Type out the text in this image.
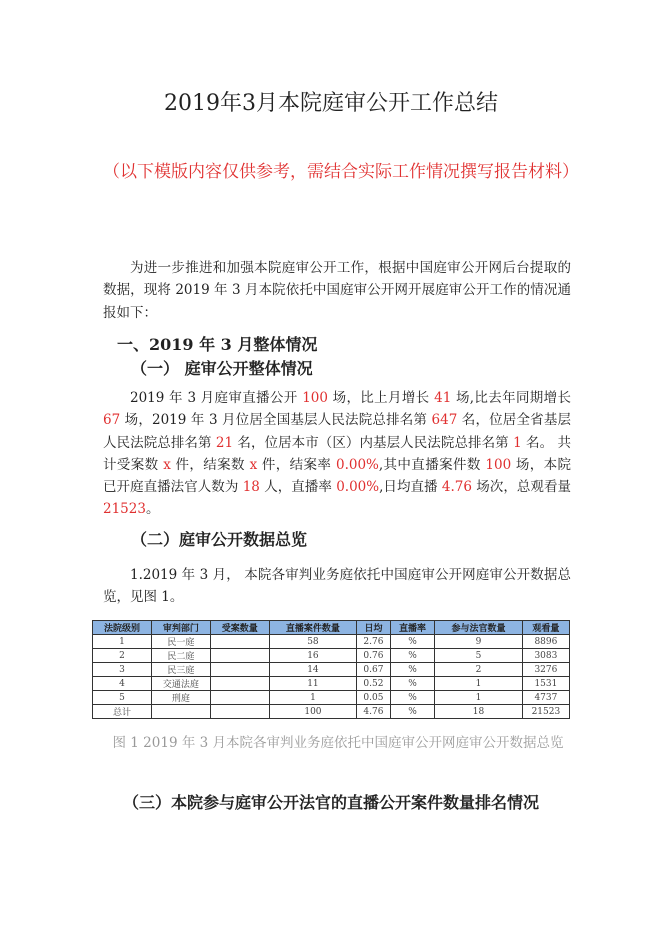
2019年3月本院庭审公开工作总结
（以下模版内容仅供参考，需结合实际工作情况撰写报告材料）
为进一步推进和加强本院庭审公开工作，根据中国庭审公开网后台提取的数据，现将 2019 年 3 月本院依托中国庭审公开网开展庭审公开工作的情况通报如下：
一、2019 年 3 月整体情况
（一） 庭审公开整体情况
2019 年 3 月庭审直播公开 100 场，比上月增长 41 场,比去年同期增长 67 场，2019 年 3 月位居全国基层人民法院总排名第 647 名，位居全省基层人民法院总排名第 21 名，位居本市（区）内基层人民法院总排名第 1 名。 共计受案数 x 件，结案数 x 件，结案率 0.00%,其中直播案件数 100 场，本院已开庭直播法官人数为 18 人，直播率 0.00%,日均直播 4.76 场次，总观看量 21523。
（二）庭审公开数据总览
1.2019 年 3 月， 本院各审判业务庭依托中国庭审公开网庭审公开数据总览，见图 1。
法院级别	审判部门	受案数量	直播案件数量	日均	直播率	参与法官数量	观看量
1	民一庭		58	2.76	%	9	8896
2	民二庭		16	0.76	%	5	3083
3	民三庭		14	0.67	%	2	3276
4	交通法庭		11	0.52	%	1	1531
5	刑庭		1	0.05	%	1	4737
总计			100	4.76	%	18	21523
图 1 2019 年 3 月本院各审判业务庭依托中国庭审公开网庭审公开数据总览
（三）本院参与庭审公开法官的直播公开案件数量排名情况
